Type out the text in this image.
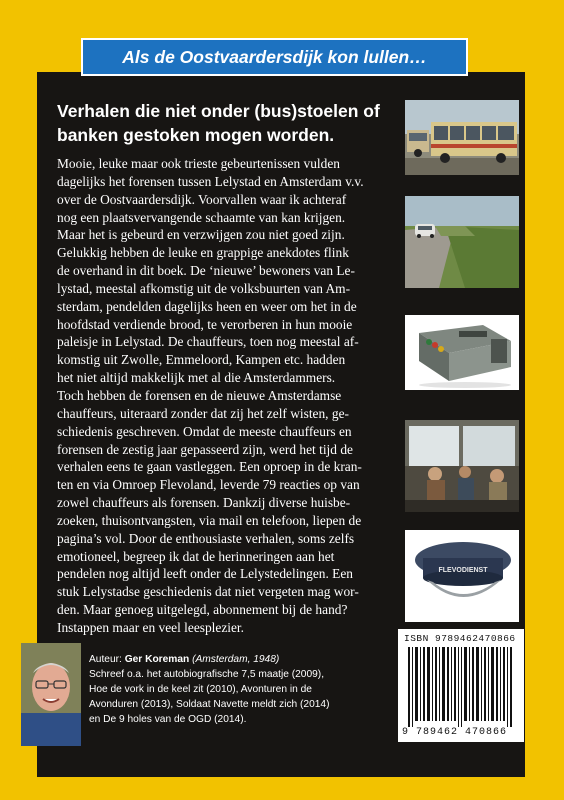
Als de Oostvaardersdijk kon lullen…
Verhalen die niet onder (bus)stoelen of
banken gestoken mogen worden.
Mooie, leuke maar ook trieste gebeurtenissen vulden
dagelijks het forensen tussen Lelystad en Amsterdam v.v.
over de Oostvaardersdijk. Voorvallen waar ik achteraf
nog een plaatsvervangende schaamte van kan krijgen.
Maar het is gebeurd en verzwijgen zou niet goed zijn.
Gelukkig hebben de leuke en grappige anekdotes flink
de overhand in dit boek. De ‘nieuwe’ bewoners van Le-
lystad, meestal afkomstig uit de volksbuurten van Am-
sterdam, pendelden dagelijks heen en weer om het in de
hoofdstad verdiende brood, te verorberen in hun mooie
paleisje in Lelystad. De chauffeurs, toen nog meestal af-
komstig uit Zwolle, Emmeloord, Kampen etc. hadden
het niet altijd makkelijk met al die Amsterdammers.
Toch hebben de forensen en de nieuwe Amsterdamse
chauffeurs, uiteraard zonder dat zij het zelf wisten, ge-
schiedenis geschreven. Omdat de meeste chauffeurs en
forensen de zestig jaar gepasseerd zijn, werd het tijd de
verhalen eens te gaan vastleggen. Een oproep in de kran-
ten en via Omroep Flevoland, leverde 79 reacties op van
zowel chauffeurs als forensen. Dankzij diverse huisbe-
zoeken, thuisontvangsten, via mail en telefoon, liepen de
pagina’s vol. Door de enthousiaste verhalen, soms zelfs
emotioneel, begreep ik dat de herinneringen aan het
pendelen nog altijd leeft onder de Lelystedelingen. Een
stuk Lelystadse geschiedenis dat niet vergeten mag wor-
den. Maar genoeg uitgelegd, abonnement bij de hand?
Instappen maar en veel leesplezier.
FLEVODIENST
Auteur: Ger Koreman (Amsterdam, 1948)
Schreef o.a. het autobiografische 7,5 maatje (2009),
Hoe de vork in de keel zit (2010), Avonturen in de
Avonduren (2013), Soldaat Navette meldt zich (2014)
en De 9 holes van de OGD (2014).
ISBN 9789462470866
9 789462 470866
